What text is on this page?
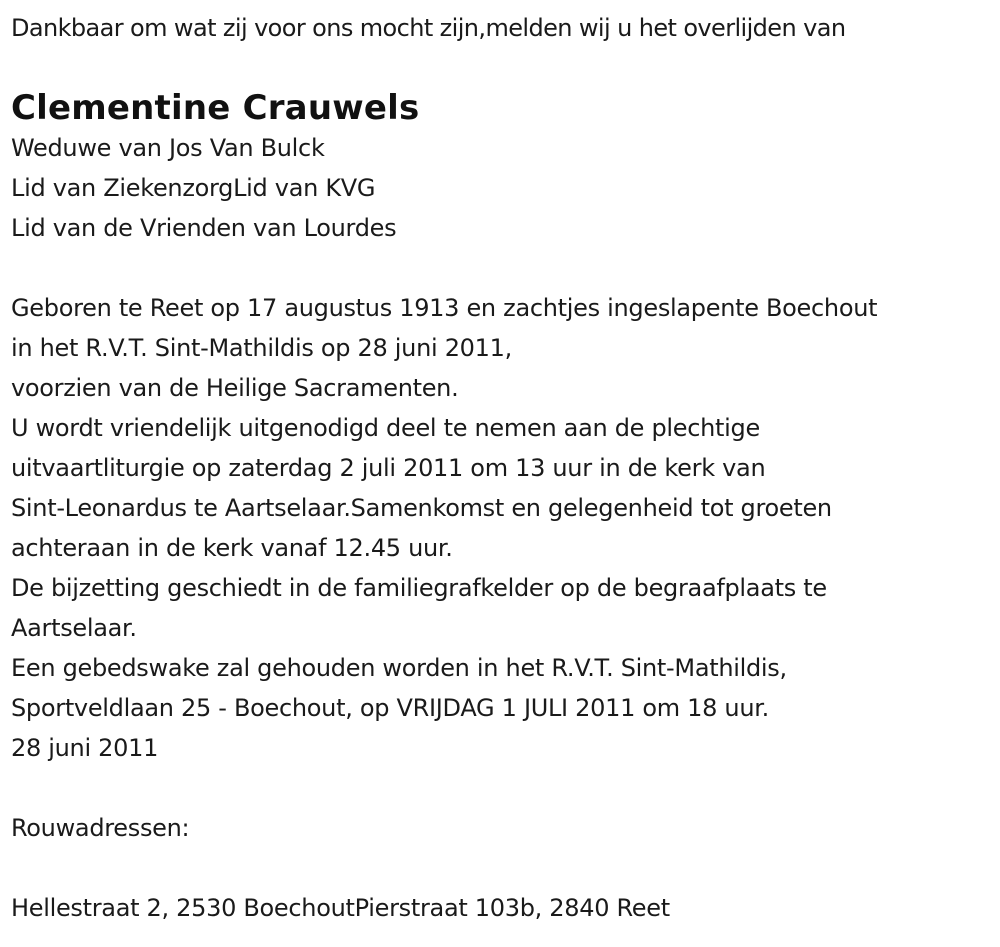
Dankbaar om wat zij voor ons mocht zijn,melden wij u het overlijden van
Clementine Crauwels
Weduwe van Jos Van Bulck
Lid van ZiekenzorgLid van KVG
Lid van de Vrienden van Lourdes
Geboren te Reet op 17 augustus 1913 en zachtjes ingeslapente Boechout
in het R.V.T. Sint-Mathildis op 28 juni 2011,
voorzien van de Heilige Sacramenten.
U wordt vriendelijk uitgenodigd deel te nemen aan de plechtige
uitvaartliturgie op zaterdag 2 juli 2011 om 13 uur in de kerk van
Sint-Leonardus te Aartselaar.Samenkomst en gelegenheid tot groeten
achteraan in de kerk vanaf 12.45 uur.
De bijzetting geschiedt in de familiegrafkelder op de begraafplaats te
Aartselaar.
Een gebedswake zal gehouden worden in het R.V.T. Sint-Mathildis,
Sportveldlaan 25 - Boechout, op VRIJDAG 1 JULI 2011 om 18 uur.
28 juni 2011
Rouwadressen:
Hellestraat 2, 2530 BoechoutPierstraat 103b, 2840 Reet
